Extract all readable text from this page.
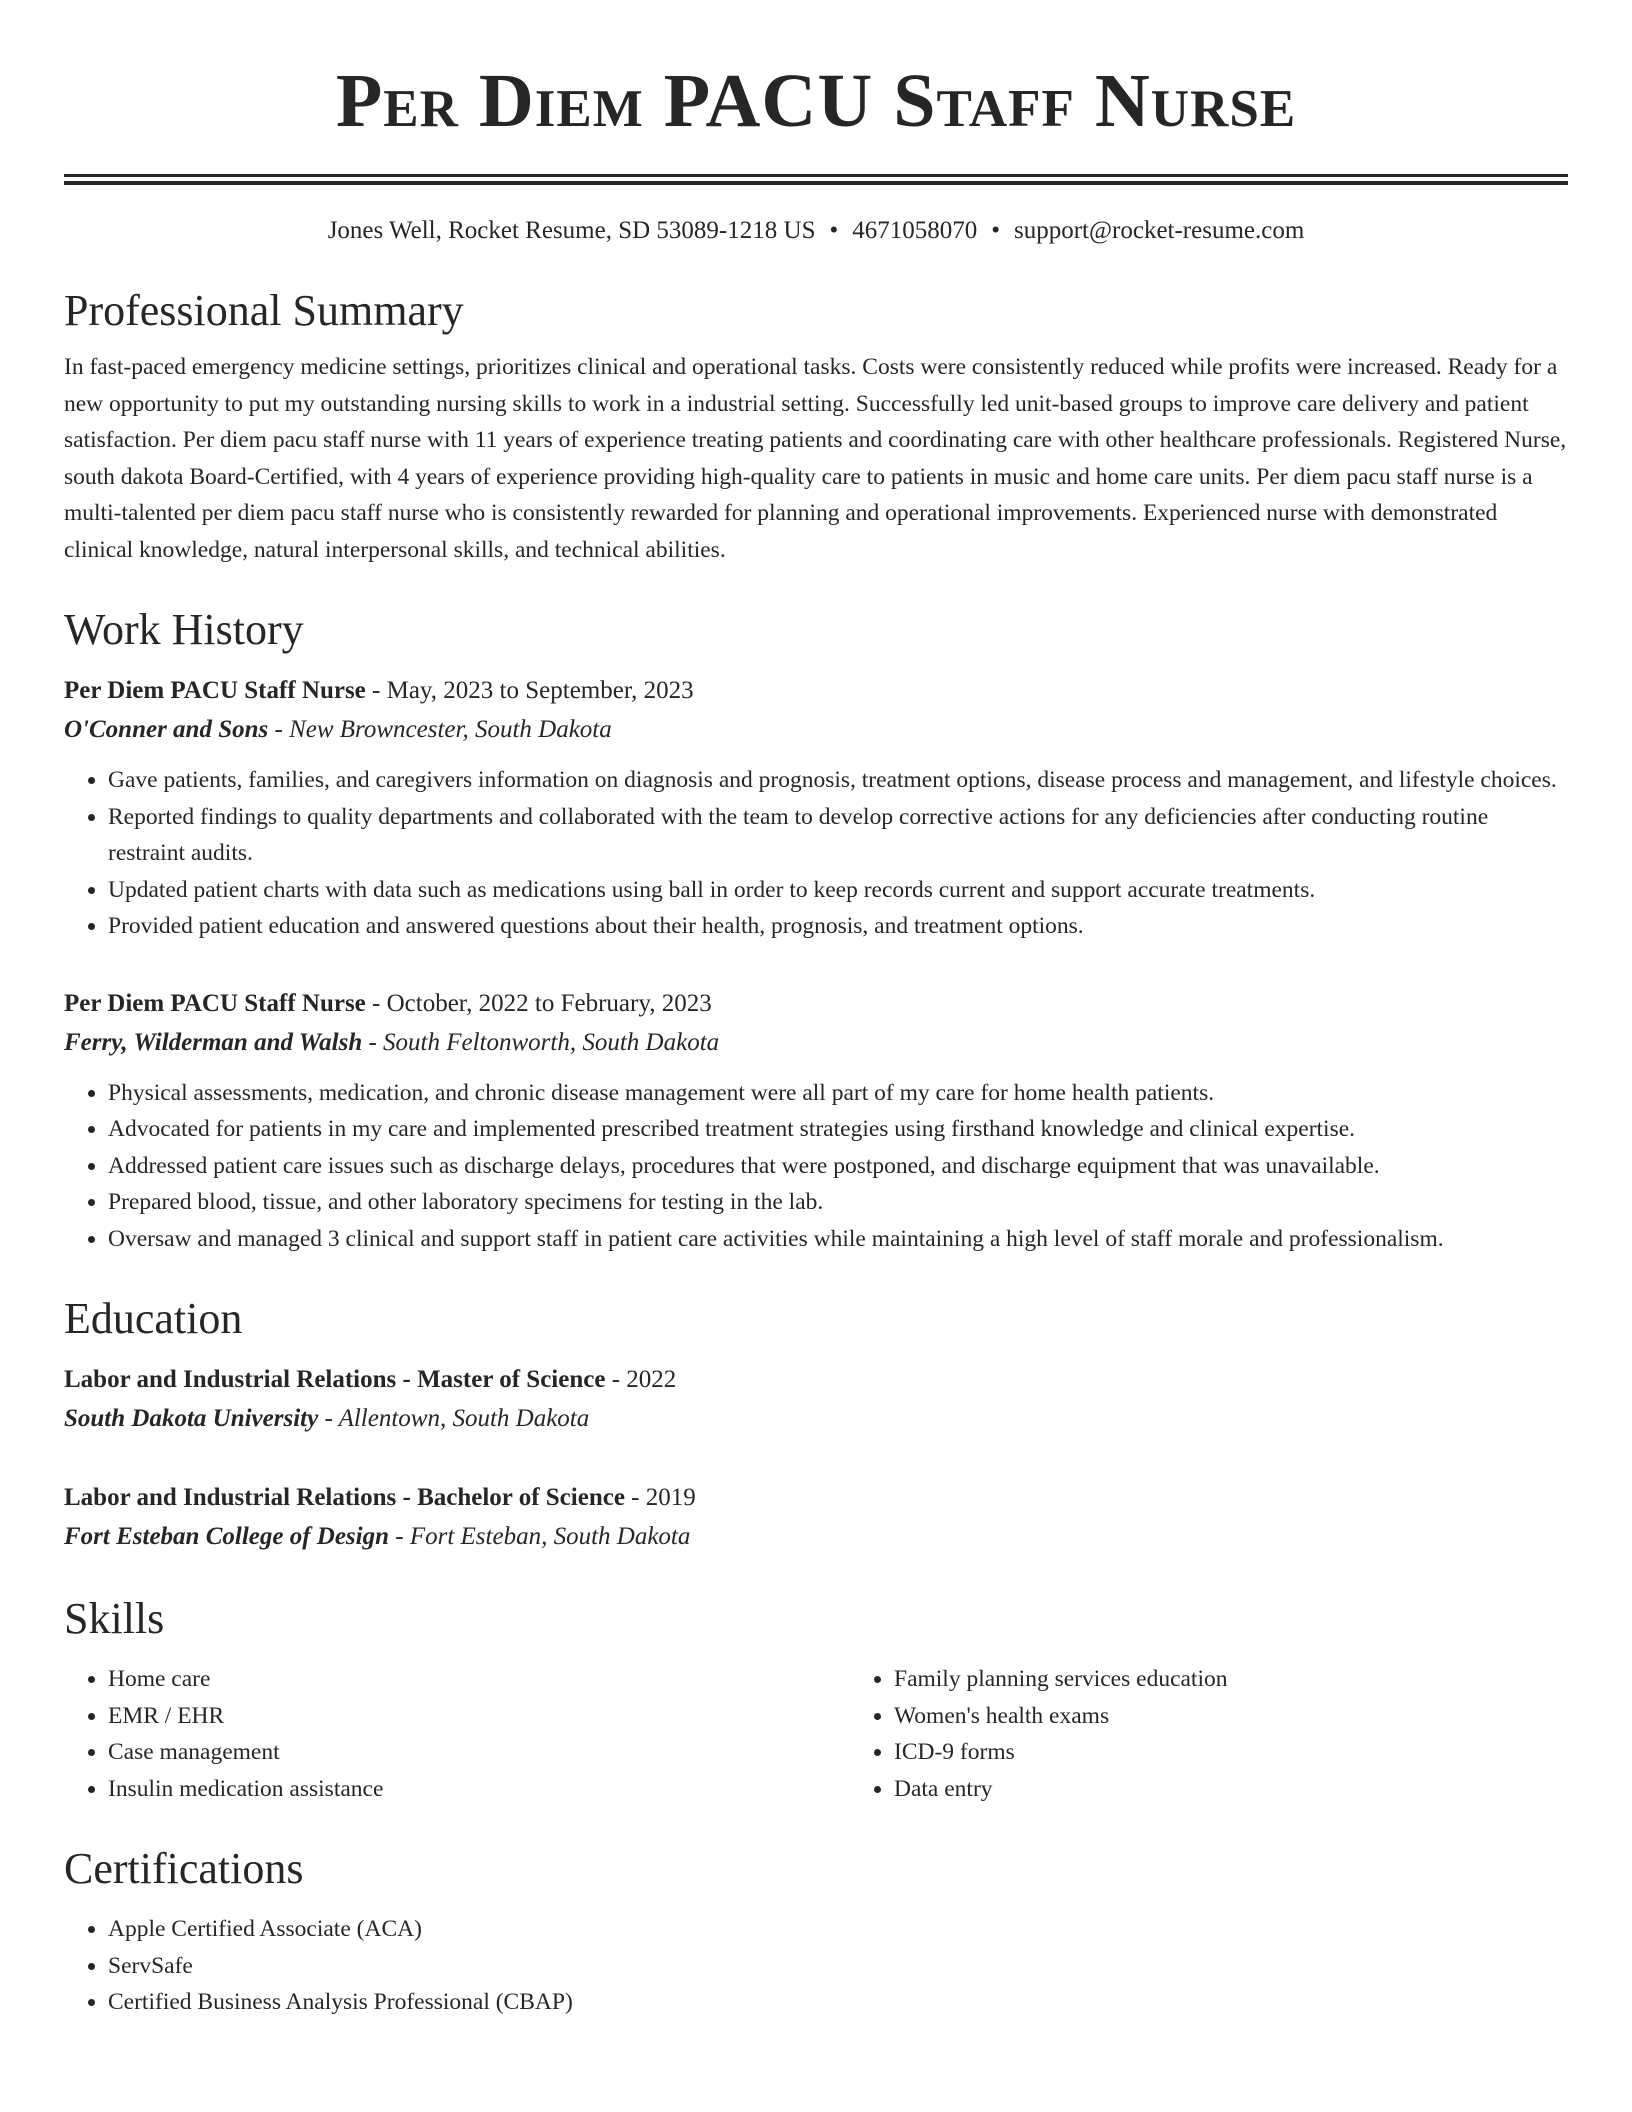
Per Diem PACU Staff Nurse
Jones Well, Rocket Resume, SD 53089-1218 US • 4671058070 • support@rocket-resume.com
Professional Summary

In fast-paced emergency medicine settings, prioritizes clinical and operational tasks. Costs were consistently reduced while profits were increased. Ready for a new opportunity to put my outstanding nursing skills to work in a industrial setting. Successfully led unit-based groups to improve care delivery and patient satisfaction. Per diem pacu staff nurse with 11 years of experience treating patients and coordinating care with other healthcare professionals. Registered Nurse, south dakota Board-Certified, with 4 years of experience providing high-quality care to patients in music and home care units. Per diem pacu staff nurse is a multi-talented per diem pacu staff nurse who is consistently rewarded for planning and operational improvements. Experienced nurse with demonstrated clinical knowledge, natural interpersonal skills, and technical abilities.

Work History
Per Diem PACU Staff Nurse - May, 2023 to September, 2023
O'Conner and Sons - New Browncester, South Dakota
• Gave patients, families, and caregivers information on diagnosis and prognosis, treatment options, disease process and management, and lifestyle choices.
• Reported findings to quality departments and collaborated with the team to develop corrective actions for any deficiencies after conducting routine restraint audits.
• Updated patient charts with data such as medications using ball in order to keep records current and support accurate treatments.
• Provided patient education and answered questions about their health, prognosis, and treatment options.
Per Diem PACU Staff Nurse - October, 2022 to February, 2023
Ferry, Wilderman and Walsh - South Feltonworth, South Dakota
• Physical assessments, medication, and chronic disease management were all part of my care for home health patients.
• Advocated for patients in my care and implemented prescribed treatment strategies using firsthand knowledge and clinical expertise.
• Addressed patient care issues such as discharge delays, procedures that were postponed, and discharge equipment that was unavailable.
• Prepared blood, tissue, and other laboratory specimens for testing in the lab.
• Oversaw and managed 3 clinical and support staff in patient care activities while maintaining a high level of staff morale and professionalism.
Education
Labor and Industrial Relations - Master of Science - 2022
South Dakota University - Allentown, South Dakota
Labor and Industrial Relations - Bachelor of Science - 2019
Fort Esteban College of Design - Fort Esteban, South Dakota
Skills
• Home care
• EMR / EHR
• Case management
• Insulin medication assistance
• Family planning services education
• Women's health exams
• ICD-9 forms
• Data entry
Certifications
• Apple Certified Associate (ACA)
• ServSafe
• Certified Business Analysis Professional (CBAP)
